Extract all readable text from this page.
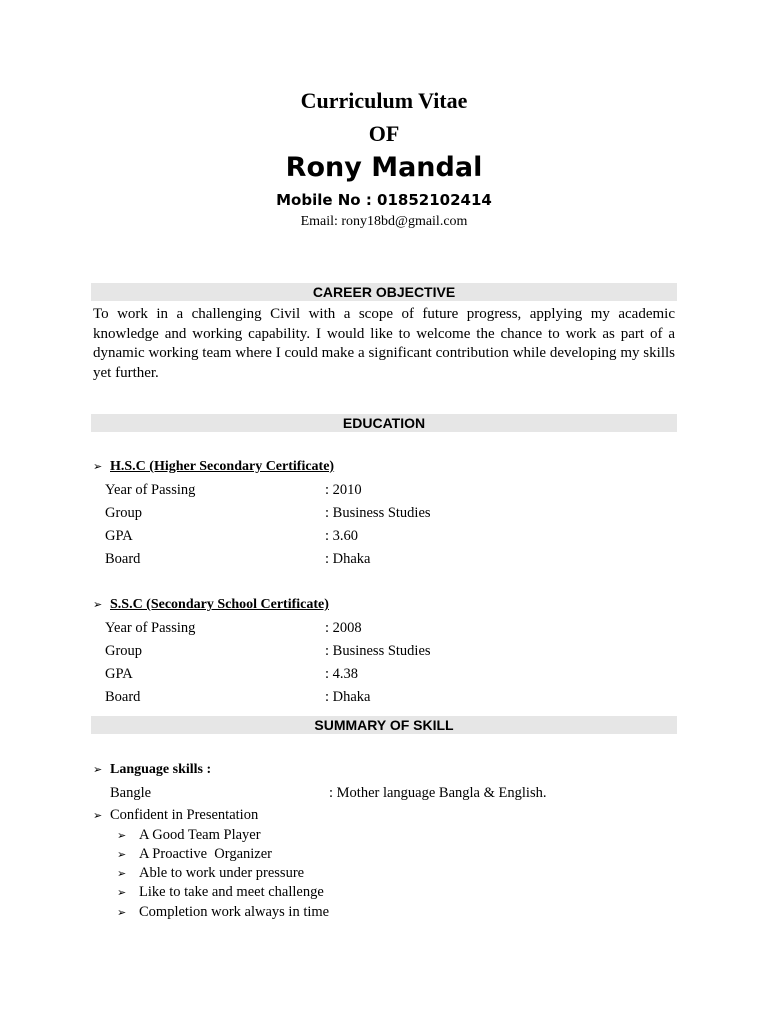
Curriculum Vitae
OF
Rony Mandal
Mobile No : 01852102414
Email: rony18bd@gmail.com
CAREER OBJECTIVE
To work in a challenging Civil with a scope of future progress, applying my academic knowledge and working capability. I would like to welcome the chance to work as part of a dynamic working team where I could make a significant contribution while developing my skills yet further.
EDUCATION
➢ H.S.C (Higher Secondary Certificate)
Year of Passing	: 2010
Group	: Business Studies
GPA	: 3.60
Board	: Dhaka
➢ S.S.C (Secondary School Certificate)
Year of Passing	: 2008
Group	: Business Studies
GPA	: 4.38
Board	: Dhaka
SUMMARY OF SKILL
➢ Language skills :
Bangle	: Mother language Bangla & English.
➢ Confident in Presentation
➢ A Good Team Player
➢ A Proactive  Organizer
➢ Able to work under pressure
➢ Like to take and meet challenge
➢ Completion work always in time
